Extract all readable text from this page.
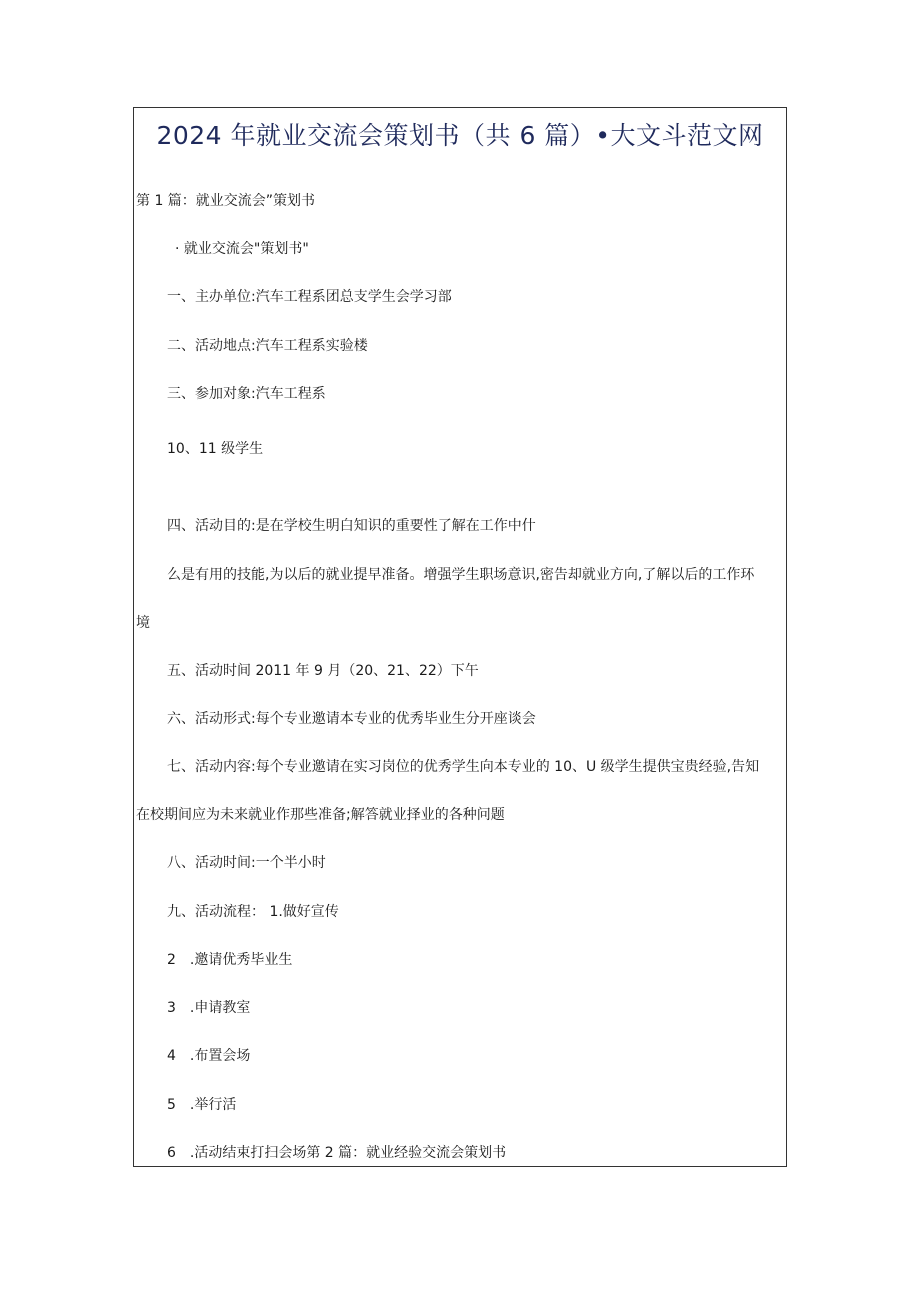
2024 年就业交流会策划书（共 6 篇）•大文斗范文网
第 1 篇：就业交流会”策划书
· 就业交流会"策划书"
一、主办单位:汽车工程系团总支学生会学习部
二、活动地点:汽车工程系实验楼
三、参加对象:汽车工程系
10、11 级学生
四、活动目的:是在学校生明白知识的重要性了解在工作中什
么是有用的技能,为以后的就业提早准备。增强学生职场意识,密告却就业方向,了解以后的工作环
境
五、活动时间 2011 年 9 月（20、21、22）下午
六、活动形式:每个专业邀请本专业的优秀毕业生分开座谈会
七、活动内容:每个专业邀请在实习岗位的优秀学生向本专业的 10、U 级学生提供宝贵经验,告知
在校期间应为未来就业作那些准备;解答就业择业的各种问题
八、活动时间:一个半小时
九、活动流程： 1.做好宣传
2　.邀请优秀毕业生
3　.申请教室
4　.布置会场
5　.举行活
6　.活动结束打扫会场第 2 篇：就业经验交流会策划书
